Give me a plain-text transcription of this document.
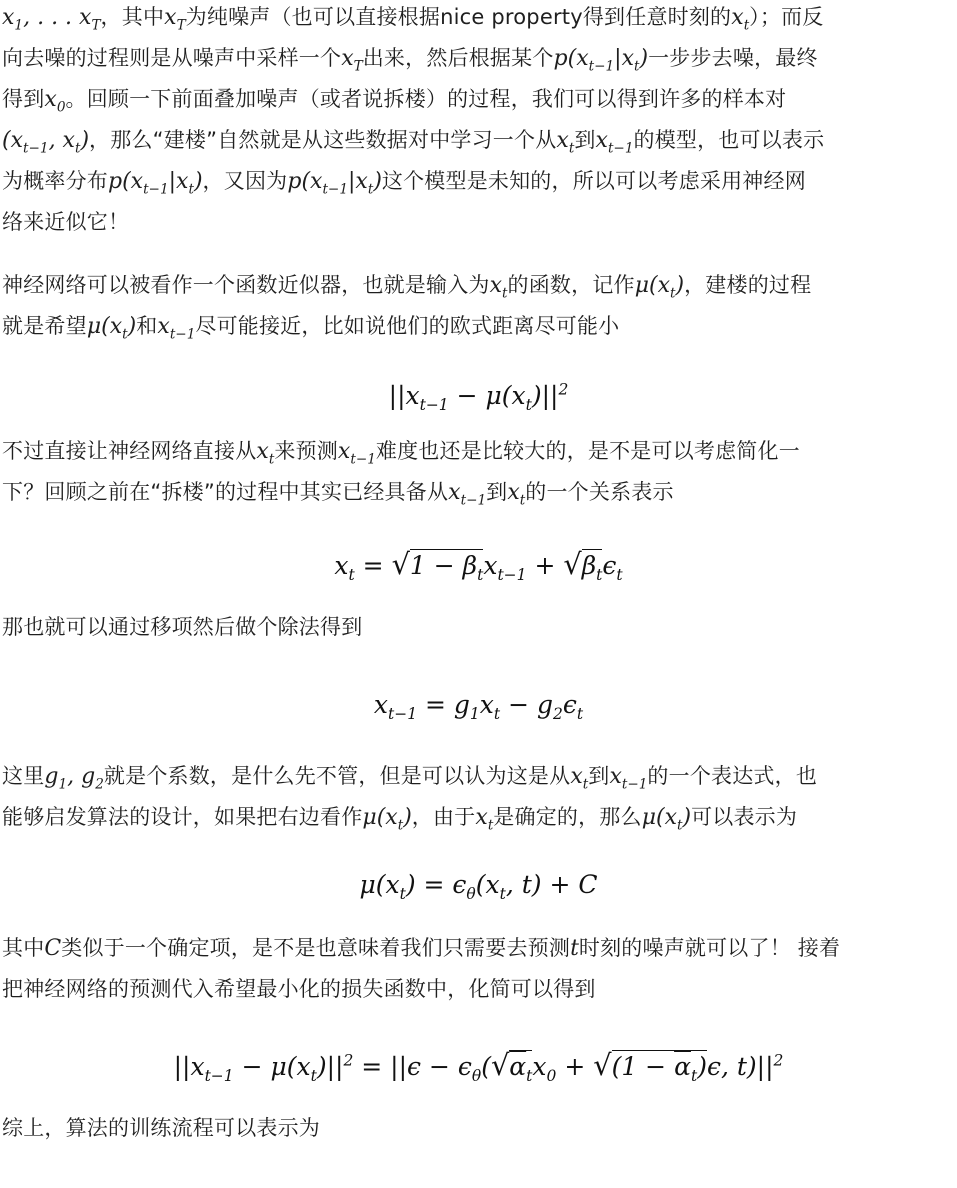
$x_1$, . . . $x_T$，其中$x_T$为纯噪声（也可以直接根据nice property得到任意时刻的$x_t$）；而反
向去噪的过程则是从噪声中采样一个$x_T$出来，然后根据某个$p(x_{t-1}|x_t)$一步步去噪，最终
得到$x_0$。回顾一下前面叠加噪声（或者说拆楼）的过程，我们可以得到许多的样本对
($x_{t-1}$, $x_t$)，那么“建楼”自然就是从这些数据对中学习一个从$x_t$到$x_{t-1}$的模型，也可以表示
为概率分布$p(x_{t-1}|x_t)$，又因为$p(x_{t-1}|x_t)$这个模型是未知的，所以可以考虑采用神经网
络来近似它！
神经网络可以被看作一个函数近似器，也就是输入为$x_t$的函数，记作$\mu(x_t)$，建楼的过程
就是希望$\mu(x_t)$和$x_{t-1}$尽可能接近，比如说他们的欧式距离尽可能小
$||x_{t-1} - \mu(x_t)||^2$
不过直接让神经网络直接从$x_t$来预测$x_{t-1}$难度也还是比较大的，是不是可以考虑简化一
下？回顾之前在“拆楼”的过程中其实已经具备从$x_{t-1}$到$x_t$的一个关系表示
$x_t = √1 - \beta_tx_{t-1} + √\beta_t\epsilon_t$
那也就可以通过移项然后做个除法得到
$x_{t-1} = g_1x_t - g_2\epsilon_t$
这里$g_1$, $g_2$就是个系数，是什么先不管，但是可以认为这是从$x_t$到$x_{t-1}$的一个表达式，也
能够启发算法的设计，如果把右边看作$\mu(x_t)$，由于$x_t$是确定的，那么$\mu(x_t)$可以表示为
$\mu(x_t) = \epsilon_\theta(x_t$, t) + C
其中C类似于一个确定项，是不是也意味着我们只需要去预测t时刻的噪声就可以了！ 接着
把神经网络的预测代入希望最小化的损失函数中，化简可以得到
$||x_{t-1} - \mu(x_t)||^2 = ||\epsilon - \epsilon_\theta(√\alpha_tx_0 + √(1 - \overline{\alpha}_t)\epsilon$, $t)||^2$
综上，算法的训练流程可以表示为
